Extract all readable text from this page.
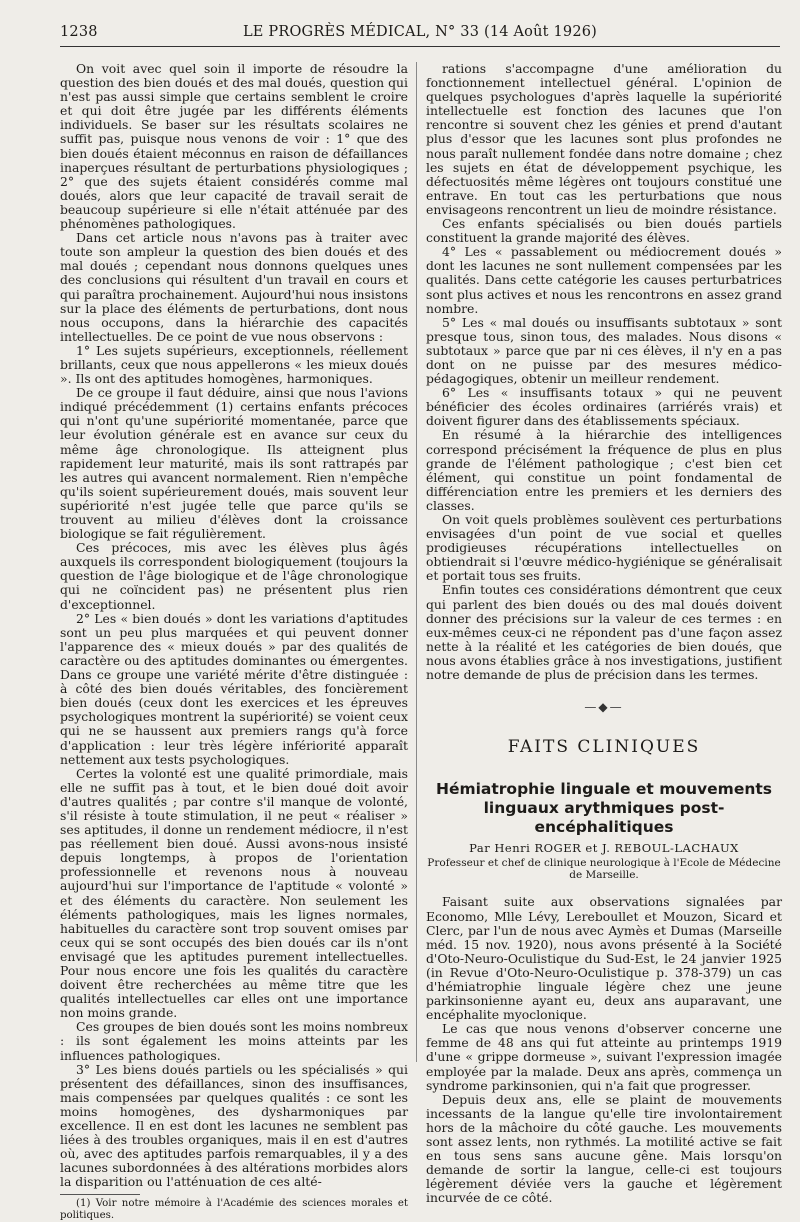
1238	LE PROGRÈS MÉDICAL, N° 33 (14 Août 1926)

On voit avec quel soin il importe de résoudre la question des bien doués et des mal doués, question qui n'est pas aussi simple que certains semblent le croire et qui doit être jugée par les différents éléments individuels. Se baser sur les résultats scolaires ne suffit pas, puisque nous venons de voir : 1° que des bien doués étaient méconnus en raison de défaillances inaperçues résultant de perturbations physiologiques ; 2° que des sujets étaient considérés comme mal doués, alors que leur capacité de travail serait de beaucoup supérieure si elle n'était atténuée par des phénomènes pathologiques.

Dans cet article nous n'avons pas à traiter avec toute son ampleur la question des bien doués et des mal doués ; cependant nous donnons quelques unes des conclusions qui résultent d'un travail en cours et qui paraîtra prochainement. Aujourd'hui nous insistons sur la place des éléments de perturbations, dont nous nous occupons, dans la hiérarchie des capacités intellectuelles. De ce point de vue nous observons :

1° Les sujets supérieurs, exceptionnels, réellement brillants, ceux que nous appellerons « les mieux doués ». Ils ont des aptitudes homogènes, harmoniques.

De ce groupe il faut déduire, ainsi que nous l'avions indiqué précédemment (1) certains enfants précoces qui n'ont qu'une supériorité momentanée, parce que leur évolution générale est en avance sur ceux du même âge chronologique. Ils atteignent plus rapidement leur maturité, mais ils sont rattrapés par les autres qui avancent normalement. Rien n'empêche qu'ils soient supérieurement doués, mais souvent leur supériorité n'est jugée telle que parce qu'ils se trouvent au milieu d'élèves dont la croissance biologique se fait régulièrement.

Ces précoces, mis avec les élèves plus âgés auxquels ils correspondent biologiquement (toujours la question de l'âge biologique et de l'âge chronologique qui ne coïncident pas) ne présentent plus rien d'exceptionnel.

2° Les « bien doués » dont les variations d'aptitudes sont un peu plus marquées et qui peuvent donner l'apparence des « mieux doués » par des qualités de caractère ou des aptitudes dominantes ou émergentes. Dans ce groupe une variété mérite d'être distinguée : à côté des bien doués véritables, des foncièrement bien doués (ceux dont les exercices et les épreuves psychologiques montrent la supériorité) se voient ceux qui ne se haussent aux premiers rangs qu'à force d'application : leur très légère infériorité apparaît nettement aux tests psychologiques.

Certes la volonté est une qualité primordiale, mais elle ne suffit pas à tout, et le bien doué doit avoir d'autres qualités ; par contre s'il manque de volonté, s'il résiste à toute stimulation, il ne peut « réaliser » ses aptitudes, il donne un rendement médiocre, il n'est pas réellement bien doué. Aussi avons-nous insisté depuis longtemps, à propos de l'orientation professionnelle et revenons nous à nouveau aujourd'hui sur l'importance de l'aptitude « volonté » et des éléments du caractère. Non seulement les éléments pathologiques, mais les lignes normales, habituelles du caractère sont trop souvent omises par ceux qui se sont occupés des bien doués car ils n'ont envisagé que les aptitudes purement intellectuelles. Pour nous encore une fois les qualités du caractère doivent être recherchées au même titre que les qualités intellectuelles car elles ont une importance non moins grande.

Ces groupes de bien doués sont les moins nombreux : ils sont également les moins atteints par les influences pathologiques.

3° Les biens doués partiels ou les spécialisés » qui présentent des défaillances, sinon des insuffisances, mais compensées par quelques qualités : ce sont les moins homogènes, des dysharmoniques par excellence. Il en est dont les lacunes ne semblent pas liées à des troubles organiques, mais il en est d'autres où, avec des aptitudes parfois remarquables, il y a des lacunes subordonnées à des altérations morbides alors la disparition ou l'atténuation de ces alté-

(1) Voir notre mémoire à l'Académie des sciences morales et politiques.

rations s'accompagne d'une amélioration du fonctionnement intellectuel général. L'opinion de quelques psychologues d'après laquelle la supériorité intellectuelle est fonction des lacunes que l'on rencontre si souvent chez les génies et prend d'autant plus d'essor que les lacunes sont plus profondes ne nous paraît nullement fondée dans notre domaine ; chez les sujets en état de développement psychique, les défectuosités même légères ont toujours constitué une entrave. En tout cas les perturbations que nous envisageons rencontrent un lieu de moindre résistance.

Ces enfants spécialisés ou bien doués partiels constituent la grande majorité des élèves.

4° Les « passablement ou médiocrement doués » dont les lacunes ne sont nullement compensées par les qualités. Dans cette catégorie les causes perturbatrices sont plus actives et nous les rencontrons en assez grand nombre.

5° Les « mal doués ou insuffisants subtotaux » sont presque tous, sinon tous, des malades. Nous disons « subtotaux » parce que par ni ces élèves, il n'y en a pas dont on ne puisse par des mesures médico-pédagogiques, obtenir un meilleur rendement.

6° Les « insuffisants totaux » qui ne peuvent bénéficier des écoles ordinaires (arriérés vrais) et doivent figurer dans des établissements spéciaux.

En résumé à la hiérarchie des intelligences correspond précisément la fréquence de plus en plus grande de l'élément pathologique ; c'est bien cet élément, qui constitue un point fondamental de différenciation entre les premiers et les derniers des classes.

On voit quels problèmes soulèvent ces perturbations envisagées d'un point de vue social et quelles prodigieuses récupérations intellectuelles on obtiendrait si l'œuvre médico-hygiénique se généralisait et portait tous ses fruits.

Enfin toutes ces considérations démontrent que ceux qui parlent des bien doués ou des mal doués doivent donner des précisions sur la valeur de ces termes : en eux-mêmes ceux-ci ne répondent pas d'une façon assez nette à la réalité et les catégories de bien doués, que nous avons établies grâce à nos investigations, justifient notre demande de plus de précision dans les termes.

—◆—
FAITS CLINIQUES
Hémiatrophie linguale et mouvements linguaux arythmiques post-encéphalitiques
Par Henri ROGER et J. REBOUL-LACHAUX
Professeur et chef de clinique neurologique à l'Ecole de Médecine de Marseille.

Faisant suite aux observations signalées par Economo, Mlle Lévy, Lereboullet et Mouzon, Sicard et Clerc, par l'un de nous avec Aymès et Dumas (Marseille méd. 15 nov. 1920), nous avons présenté à la Société d'Oto-Neuro-Oculistique du Sud-Est, le 24 janvier 1925 (in Revue d'Oto-Neuro-Oculistique p. 378-379) un cas d'hémiatrophie linguale légère chez une jeune parkinsonienne ayant eu, deux ans auparavant, une encéphalite myoclonique.

Le cas que nous venons d'observer concerne une femme de 48 ans qui fut atteinte au printemps 1919 d'une « grippe dormeuse », suivant l'expression imagée employée par la malade. Deux ans après, commença un syndrome parkinsonien, qui n'a fait que progresser.

Depuis deux ans, elle se plaint de mouvements incessants de la langue qu'elle tire involontairement hors de la mâchoire du côté gauche. Les mouvements sont assez lents, non rythmés. La motilité active se fait en tous sens sans aucune gêne. Mais lorsqu'on demande de sortir la langue, celle-ci est toujours légèrement déviée vers la gauche et légèrement incurvée de ce côté.
